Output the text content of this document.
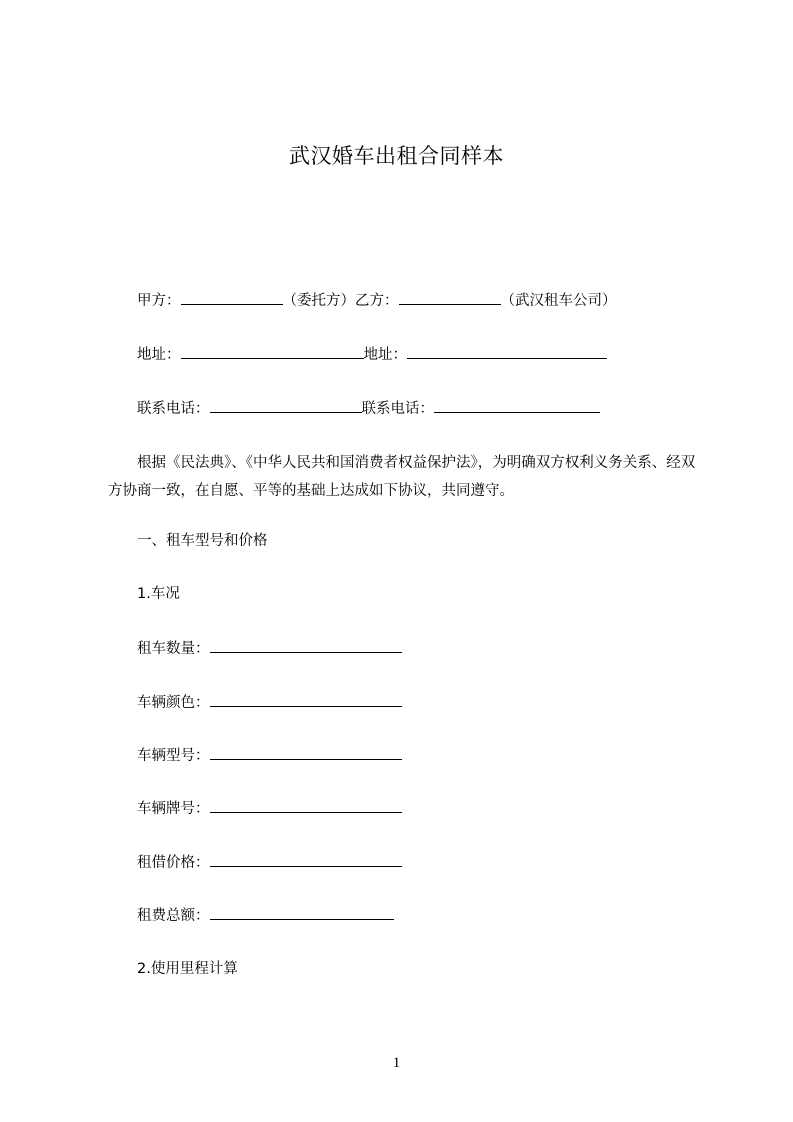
武汉婚车出租合同样本
甲方：	（委托方）乙方：	（武汉租车公司）
地址：	地址：
联系电话：	联系电话：
根据《民法典》、《中华人民共和国消费者权益保护法》，为明确双方权利义务关系、经双方协商一致，在自愿、平等的基础上达成如下协议，共同遵守。
一、租车型号和价格
1.车况
租车数量：
车辆颜色：
车辆型号：
车辆牌号：
租借价格：
租费总额：
2.使用里程计算
1
